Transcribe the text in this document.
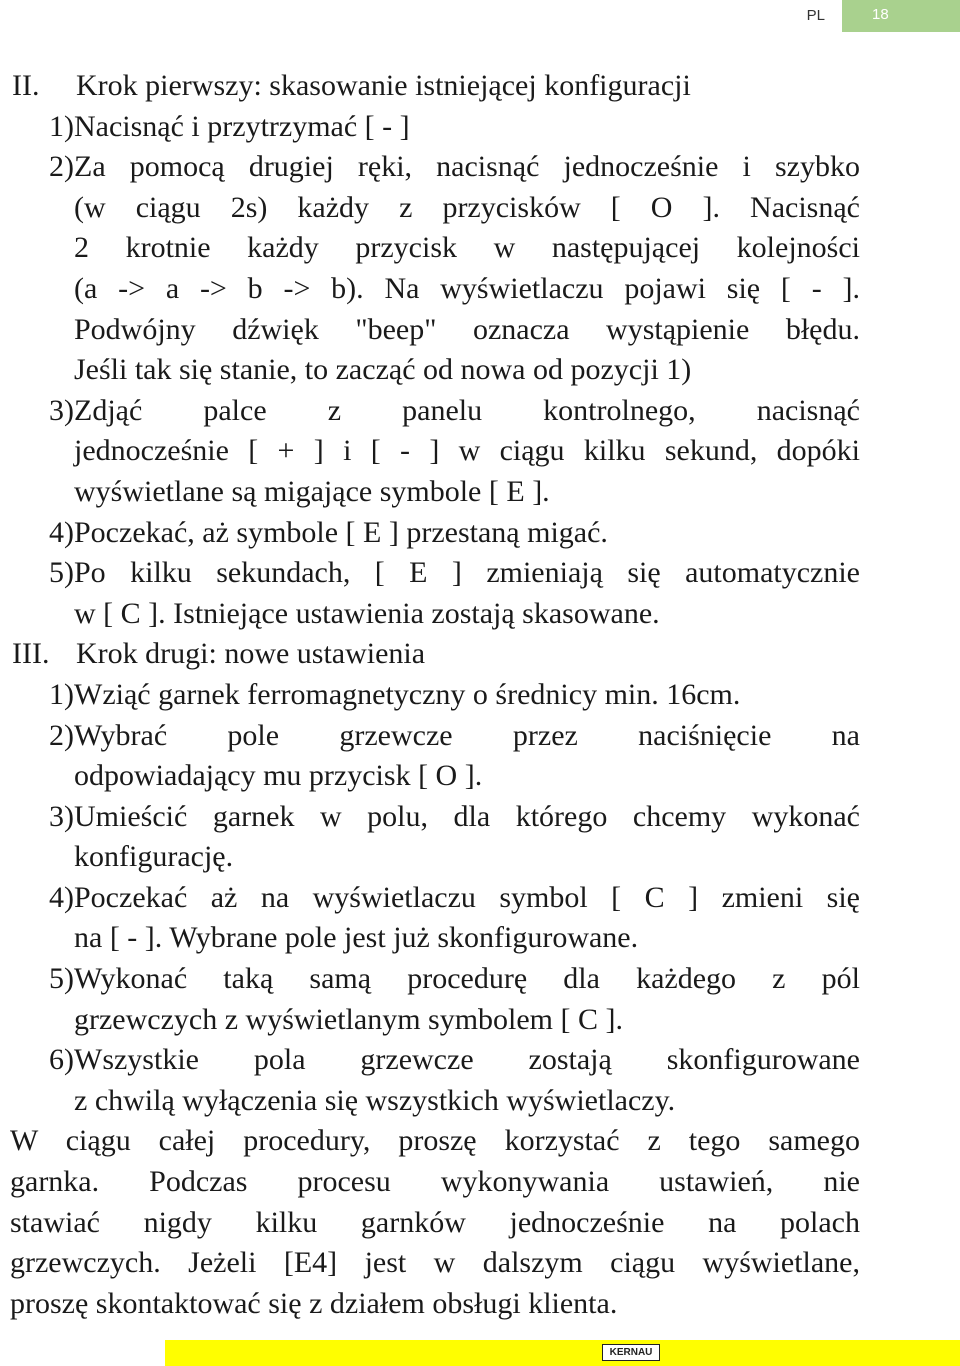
PL	18
II.	Krok pierwszy: skasowanie istniejącej konfiguracji
1) Nacisnąć i przytrzymać [ - ]
2) Za pomocą drugiej ręki, nacisnąć jednocześnie i szybko
(w ciągu 2s) każdy z przycisków [ O ]. Nacisnąć
2 krotnie każdy przycisk w następującej kolejności
(a -> a -> b -> b). Na wyświetlaczu pojawi się [ - ].
Podwójny dźwięk "beep" oznacza wystąpienie błędu.
Jeśli tak się stanie, to zacząć od nowa od pozycji 1)
3) Zdjąć palce z panelu kontrolnego, nacisnąć
jednocześnie [ + ] i [ - ] w ciągu kilku sekund, dopóki
wyświetlane są migające symbole [ E ].
4) Poczekać, aż symbole [ E ] przestaną migać.
5) Po kilku sekundach, [ E ] zmieniają się automatycznie
w [ C ]. Istniejące ustawienia zostają skasowane.
III. Krok drugi: nowe ustawienia
1) Wziąć garnek ferromagnetyczny o średnicy min. 16cm.
2) Wybrać pole grzewcze przez naciśnięcie na
odpowiadający mu przycisk [ O ].
3) Umieścić garnek w polu, dla którego chcemy wykonać
konfigurację.
4) Poczekać aż na wyświetlaczu symbol [ C ] zmieni się
na [ - ]. Wybrane pole jest już skonfigurowane.
5) Wykonać taką samą procedurę dla każdego z pól
grzewczych z wyświetlanym symbolem [ C ].
6) Wszystkie pola grzewcze zostają skonfigurowane
z chwilą wyłączenia się wszystkich wyświetlaczy.
W ciągu całej procedury, proszę korzystać z tego samego
garnka. Podczas procesu wykonywania ustawień, nie
stawiać nigdy kilku garnków jednocześnie na polach
grzewczych. Jeżeli [E4] jest w dalszym ciągu wyświetlane,
proszę skontaktować się z działem obsługi klienta.
KERNAU
